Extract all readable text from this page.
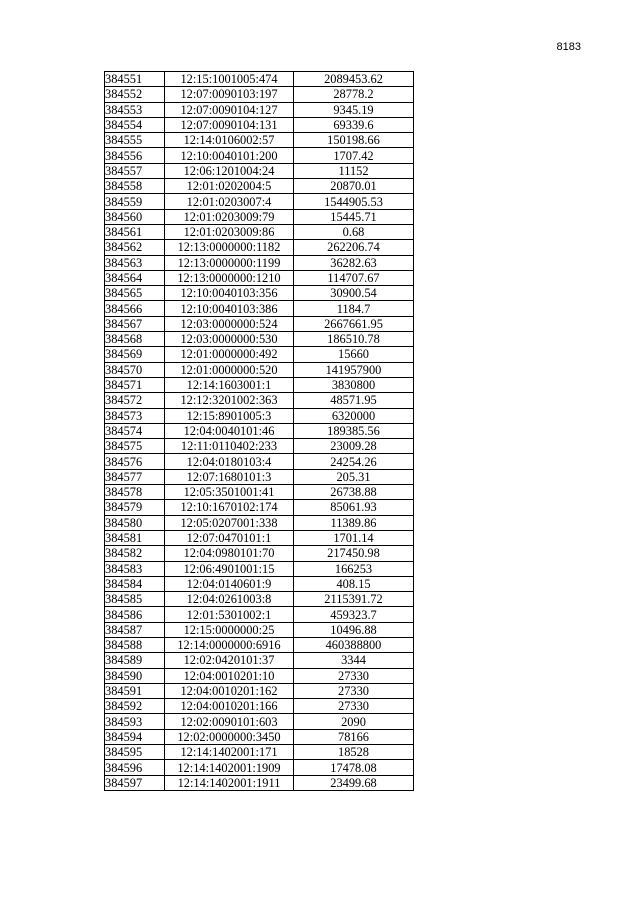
8183
384551	12:15:1001005:474	2089453.62
384552	12:07:0090103:197	28778.2
384553	12:07:0090104:127	9345.19
384554	12:07:0090104:131	69339.6
384555	12:14:0106002:57	150198.66
384556	12:10:0040101:200	1707.42
384557	12:06:1201004:24	11152
384558	12:01:0202004:5	20870.01
384559	12:01:0203007:4	1544905.53
384560	12:01:0203009:79	15445.71
384561	12:01:0203009:86	0.68
384562	12:13:0000000:1182	262206.74
384563	12:13:0000000:1199	36282.63
384564	12:13:0000000:1210	114707.67
384565	12:10:0040103:356	30900.54
384566	12:10:0040103:386	1184.7
384567	12:03:0000000:524	2667661.95
384568	12:03:0000000:530	186510.78
384569	12:01:0000000:492	15660
384570	12:01:0000000:520	141957900
384571	12:14:1603001:1	3830800
384572	12:12:3201002:363	48571.95
384573	12:15:8901005:3	6320000
384574	12:04:0040101:46	189385.56
384575	12:11:0110402:233	23009.28
384576	12:04:0180103:4	24254.26
384577	12:07:1680101:3	205.31
384578	12:05:3501001:41	26738.88
384579	12:10:1670102:174	85061.93
384580	12:05:0207001:338	11389.86
384581	12:07:0470101:1	1701.14
384582	12:04:0980101:70	217450.98
384583	12:06:4901001:15	166253
384584	12:04:0140601:9	408.15
384585	12:04:0261003:8	2115391.72
384586	12:01:5301002:1	459323.7
384587	12:15:0000000:25	10496.88
384588	12:14:0000000:6916	460388800
384589	12:02:0420101:37	3344
384590	12:04:0010201:10	27330
384591	12:04:0010201:162	27330
384592	12:04:0010201:166	27330
384593	12:02:0090101:603	2090
384594	12:02:0000000:3450	78166
384595	12:14:1402001:171	18528
384596	12:14:1402001:1909	17478.08
384597	12:14:1402001:1911	23499.68
